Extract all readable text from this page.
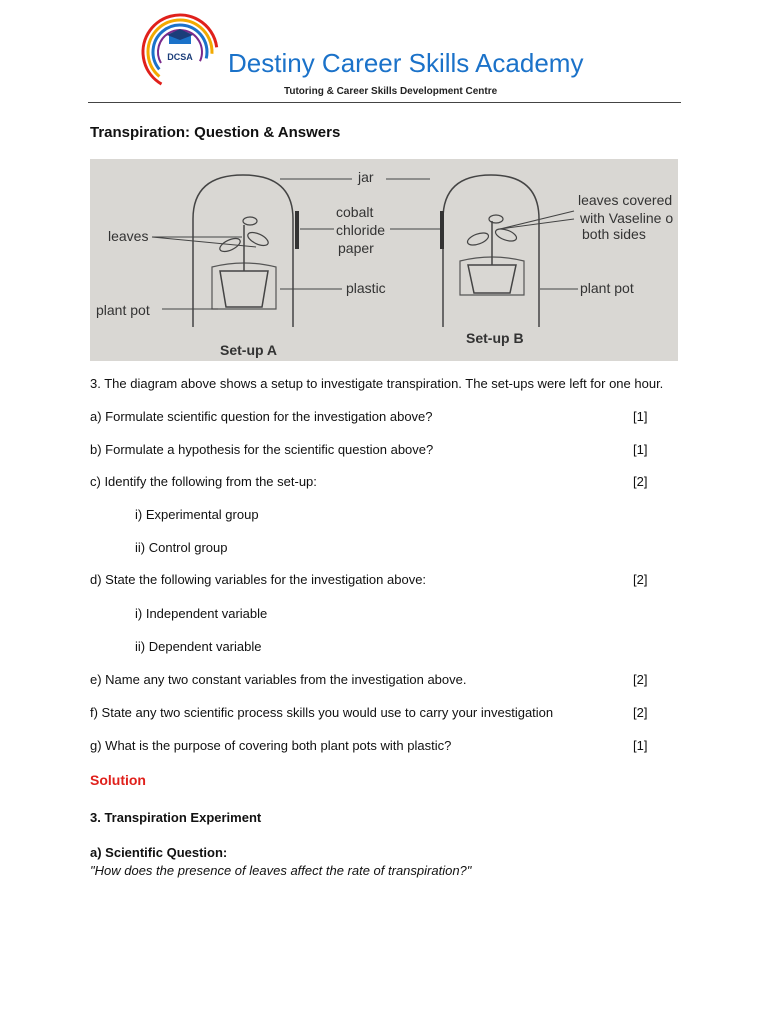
DCSA Destiny Career Skills Academy
Tutoring & Career Skills Development Centre
Transpiration: Question & Answers
jar
cobalt
chloride
paper
leaves
plastic
plant pot
plant pot
leaves covered
with Vaseline o
both sides
Set-up A
Set-up B
3. The diagram above shows a setup to investigate transpiration. The set-ups were left for one hour.
a) Formulate scientific question for the investigation above?	[1]
b) Formulate a hypothesis for the scientific question above?	[1]
c) Identify the following from the set-up:	[2]
i) Experimental group
ii) Control group
d) State the following variables for the investigation above:	[2]
i) Independent variable
ii) Dependent variable
e) Name any two constant variables from the investigation above.	[2]
f) State any two scientific process skills you would use to carry your investigation	[2]
g) What is the purpose of covering both plant pots with plastic?	[1]
Solution
3. Transpiration Experiment
a) Scientific Question:
"How does the presence of leaves affect the rate of transpiration?"
